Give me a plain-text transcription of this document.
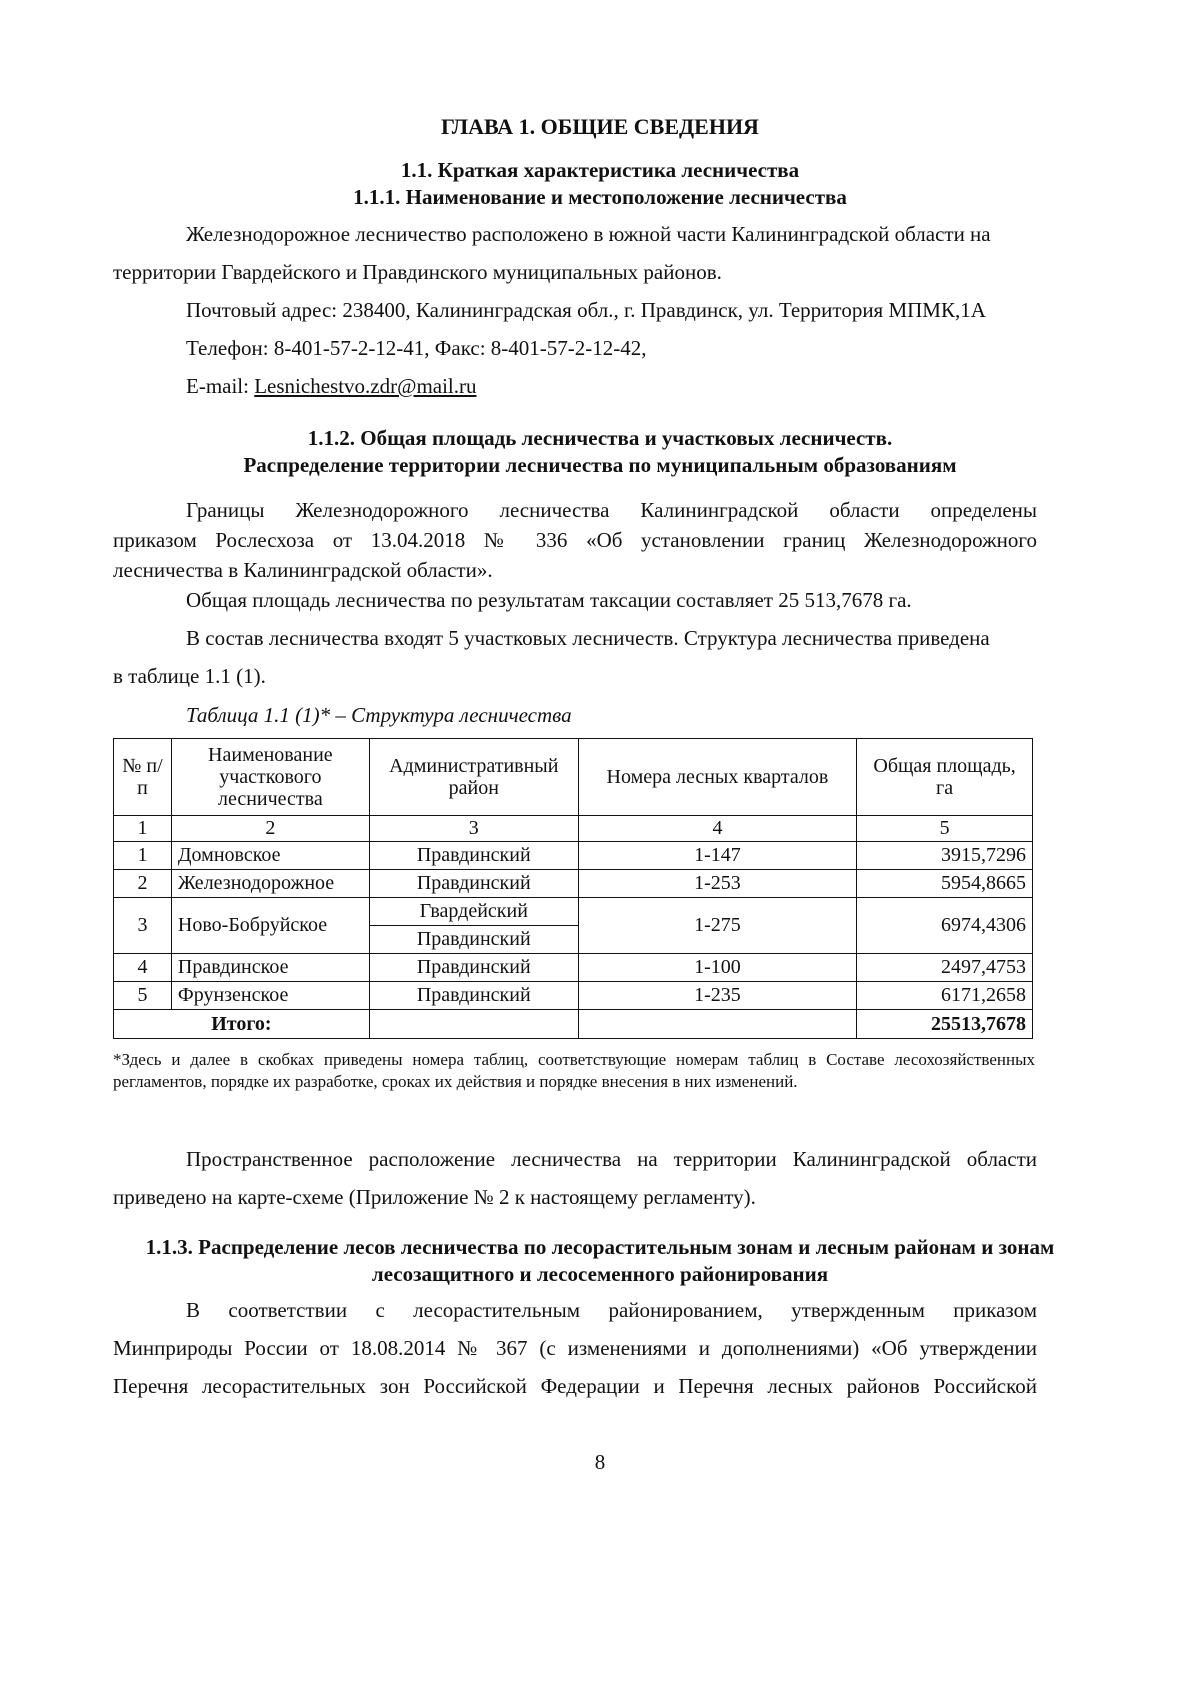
ГЛАВА 1. ОБЩИЕ СВЕДЕНИЯ
1.1. Краткая характеристика лесничества
1.1.1. Наименование и местоположение лесничества
Железнодорожное лесничество расположено в южной части Калининградской области на
территории Гвардейского и Правдинского муниципальных районов.
Почтовый адрес: 238400, Калининградская обл., г. Правдинск, ул. Территория МПМК,1А
Телефон: 8-401-57-2-12-41, Факс: 8-401-57-2-12-42,
E-mail: Lesnichestvo.zdr@mail.ru
1.1.2. Общая площадь лесничества и участковых лесничеств.
Распределение территории лесничества по муниципальным образованиям
Границы Железнодорожного лесничества Калининградской области определены
приказом Рослесхоза от 13.04.2018 № 336 «Об установлении границ Железнодорожного
лесничества в Калининградской области».
Общая площадь лесничества по результатам таксации составляет 25 513,7678 га.
В состав лесничества входят 5 участковых лесничеств. Структура лесничества приведена
в таблице 1.1 (1).
Таблица 1.1 (1)* – Структура лесничества
№ п/п	Наименование участкового лесничества	Административный район	Номера лесных кварталов	Общая площадь, га
1	2	3	4	5
1	Домновское	Правдинский	1-147	3915,7296
2	Железнодорожное	Правдинский	1-253	5954,8665
3	Ново-Бобруйское	Гвардейский	1-275	6974,4306
		Правдинский		
4	Правдинское	Правдинский	1-100	2497,4753
5	Фрунзенское	Правдинский	1-235	6171,2658
Итого:				25513,7678
*Здесь и далее в скобках приведены номера таблиц, соответствующие номерам таблиц в Составе лесохозяйственных регламентов, порядке их разработке, сроках их действия и порядке внесения в них изменений.
Пространственное расположение лесничества на территории Калининградской области
приведено на карте-схеме (Приложение № 2 к настоящему регламенту).
1.1.3. Распределение лесов лесничества по лесорастительным зонам и лесным районам и зонам лесозащитного и лесосеменного районирования
В соответствии с лесорастительным районированием, утвержденным приказом
Минприроды России от 18.08.2014 № 367 (с изменениями и дополнениями) «Об утверждении
Перечня лесорастительных зон Российской Федерации и Перечня лесных районов Российской
8
